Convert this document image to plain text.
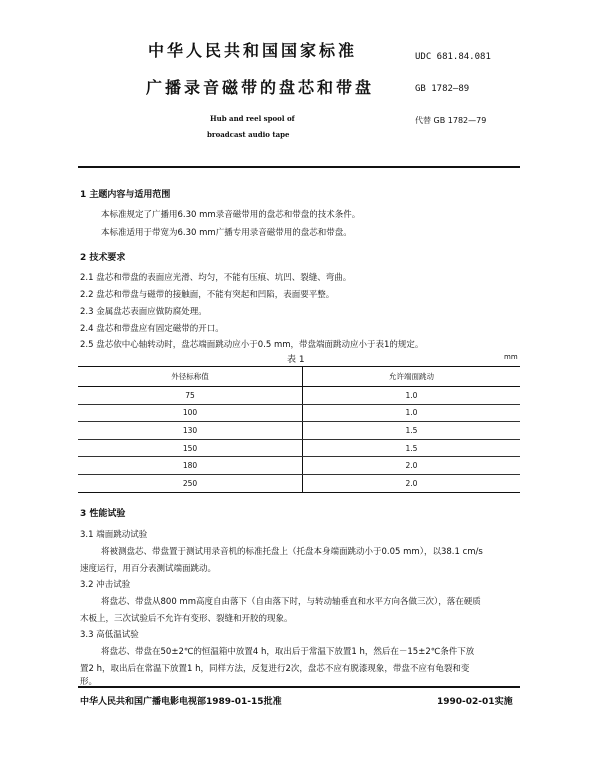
中华人民共和国国家标准	UDC 681.84.081
广播录音磁带的盘芯和带盘	GB 1782—89
Hub and reel spool of
broadcast audio tape
代替 GB 1782—79
1 主题内容与适用范围
本标准规定了广播用6.30 mm录音磁带用的盘芯和带盘的技术条件。
本标准适用于带宽为6.30 mm广播专用录音磁带用的盘芯和带盘。
2 技术要求
2.1 盘芯和带盘的表面应光滑、均匀，不能有压痕、坑凹、裂缝、弯曲。
2.2 盘芯和带盘与磁带的接触面，不能有突起和凹陷，表面要平整。
2.3 金属盘芯表面应做防腐处理。
2.4 盘芯和带盘应有固定磁带的开口。
2.5 盘芯依中心轴转动时，盘芯端面跳动应小于0.5 mm，带盘端面跳动应小于表1的规定。
表 1	mm
外径标称值	允许端面跳动
75	1.0
100	1.0
130	1.5
150	1.5
180	2.0
250	2.0
3 性能试验
3.1 端面跳动试验
将被测盘芯、带盘置于测试用录音机的标准托盘上（托盘本身端面跳动小于0.05 mm），以38.1 cm/s
速度运行，用百分表测试端面跳动。
3.2 冲击试验
将盘芯、带盘从800 mm高度自由落下（自由落下时，与转动轴垂直和水平方向各做三次），落在硬质
木板上，三次试验后不允许有变形、裂缝和开胶的现象。
3.3 高低温试验
将盘芯、带盘在50±2℃的恒温箱中放置4 h，取出后于常温下放置1 h，然后在－15±2℃条件下放
置2 h，取出后在常温下放置1 h，同样方法，反复进行2次，盘芯不应有脱漆现象，带盘不应有龟裂和变
形。
中华人民共和国广播电影电视部1989-01-15批准	1990-02-01实施
